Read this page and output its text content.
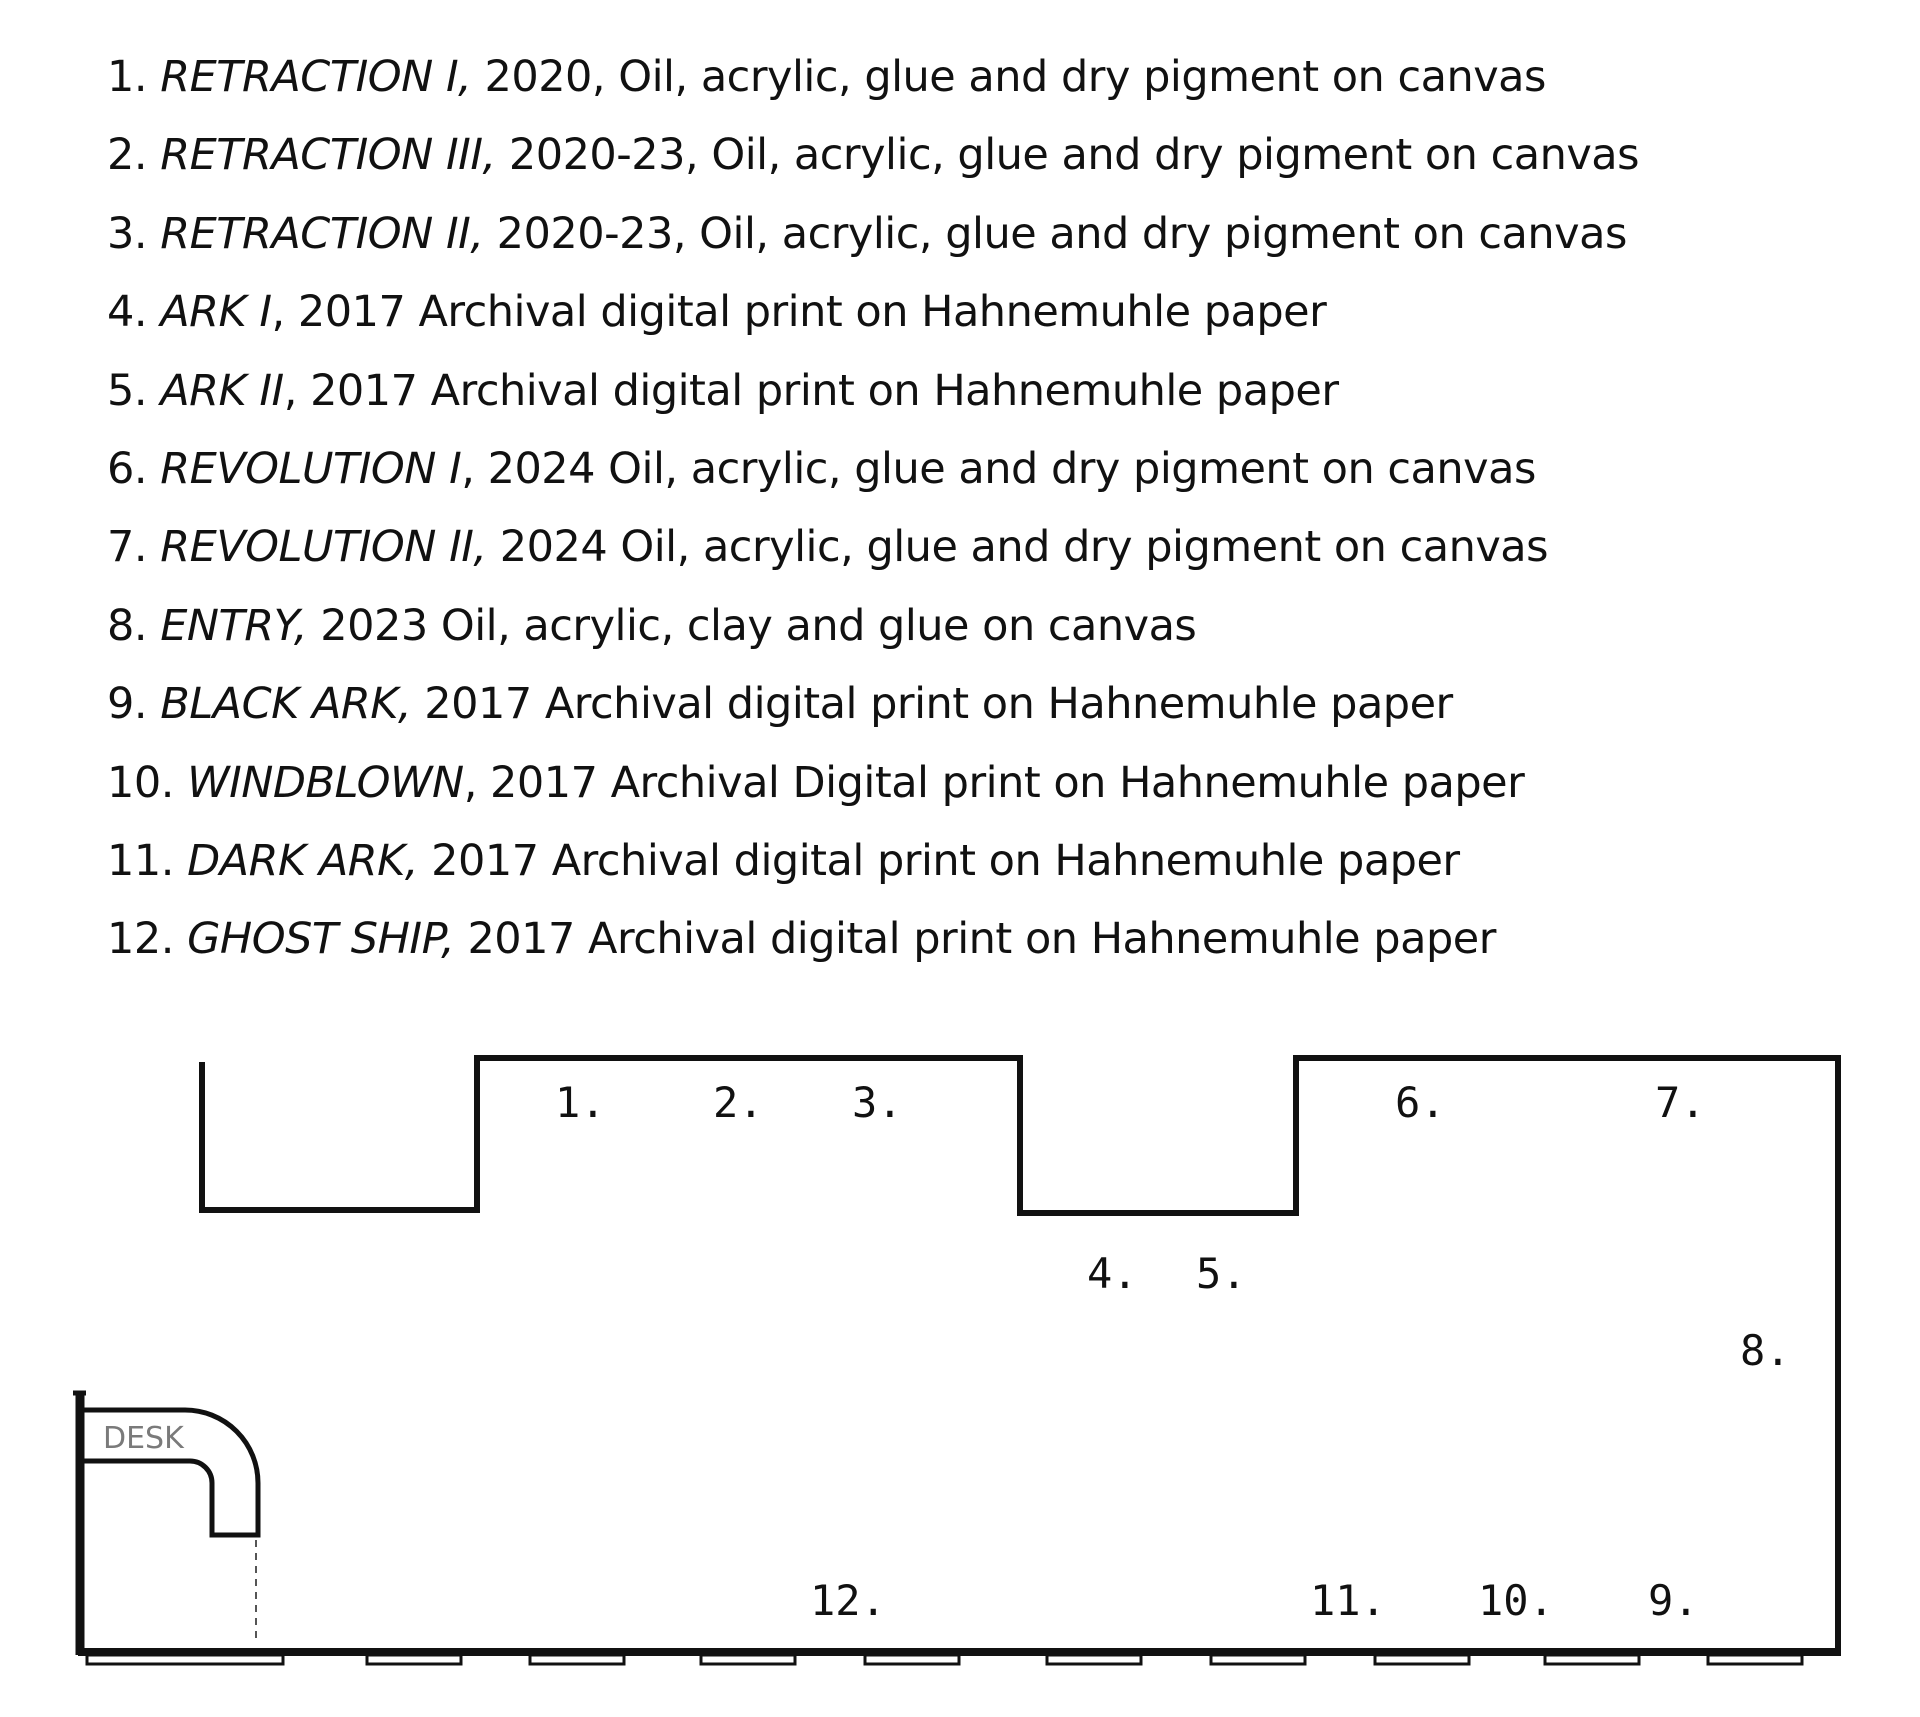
1. RETRACTION I, 2020, Oil, acrylic, glue and dry pigment on canvas
2. RETRACTION III, 2020-23, Oil, acrylic, glue and dry pigment on canvas
3. RETRACTION II, 2020-23, Oil, acrylic, glue and dry pigment on canvas
4. ARK I, 2017 Archival digital print on Hahnemuhle paper
5. ARK II, 2017 Archival digital print on Hahnemuhle paper
6. REVOLUTION I, 2024 Oil, acrylic, glue and dry pigment on canvas
7. REVOLUTION II, 2024 Oil, acrylic, glue and dry pigment on canvas
8. ENTRY, 2023 Oil, acrylic, clay and glue on canvas
9. BLACK ARK, 2017 Archival digital print on Hahnemuhle paper
10. WINDBLOWN, 2017 Archival Digital print on Hahnemuhle paper
11. DARK ARK, 2017 Archival digital print on Hahnemuhle paper
12. GHOST SHIP, 2017 Archival digital print on Hahnemuhle paper
DESK
1.	2. 3.
4. 5.
6.	7.
8.
9.
10.
11.
12.
